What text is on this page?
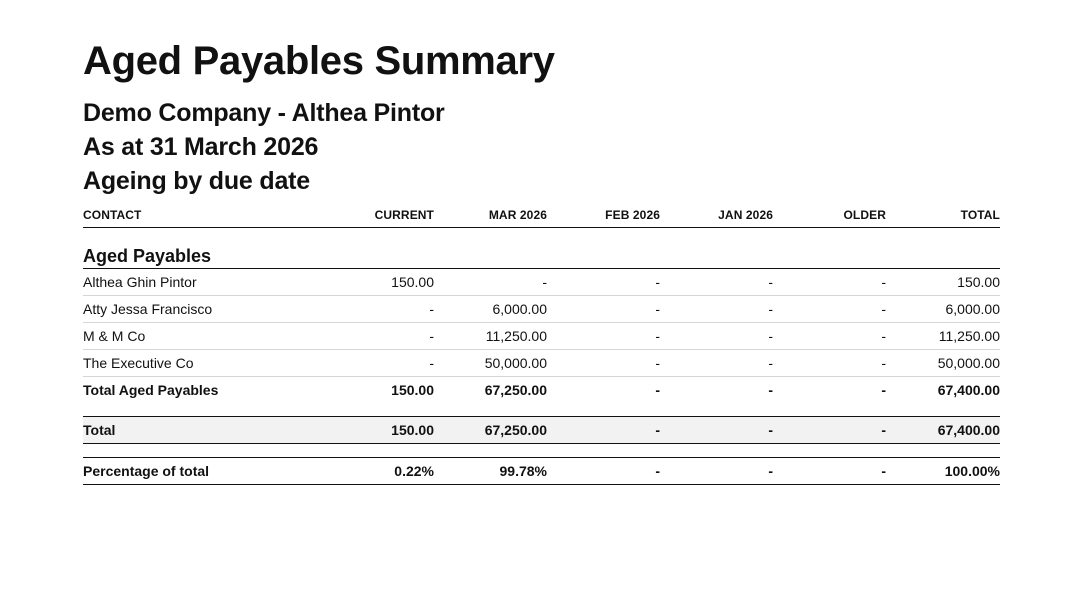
Aged Payables Summary
Demo Company - Althea Pintor
As at 31 March 2026
Ageing by due date
CONTACT	CURRENT	MAR 2026	FEB 2026	JAN 2026	OLDER	TOTAL

Aged Payables						
Althea Ghin Pintor	150.00	-	-	-	-	150.00
Atty Jessa Francisco	-	6,000.00	-	-	-	6,000.00
M & M Co	-	11,250.00	-	-	-	11,250.00
The Executive Co	-	50,000.00	-	-	-	50,000.00
Total Aged Payables	150.00	67,250.00	-	-	-	67,400.00

Total	150.00	67,250.00	-	-	-	67,400.00

Percentage of total	0.22%	99.78%	-	-	-	100.00%
